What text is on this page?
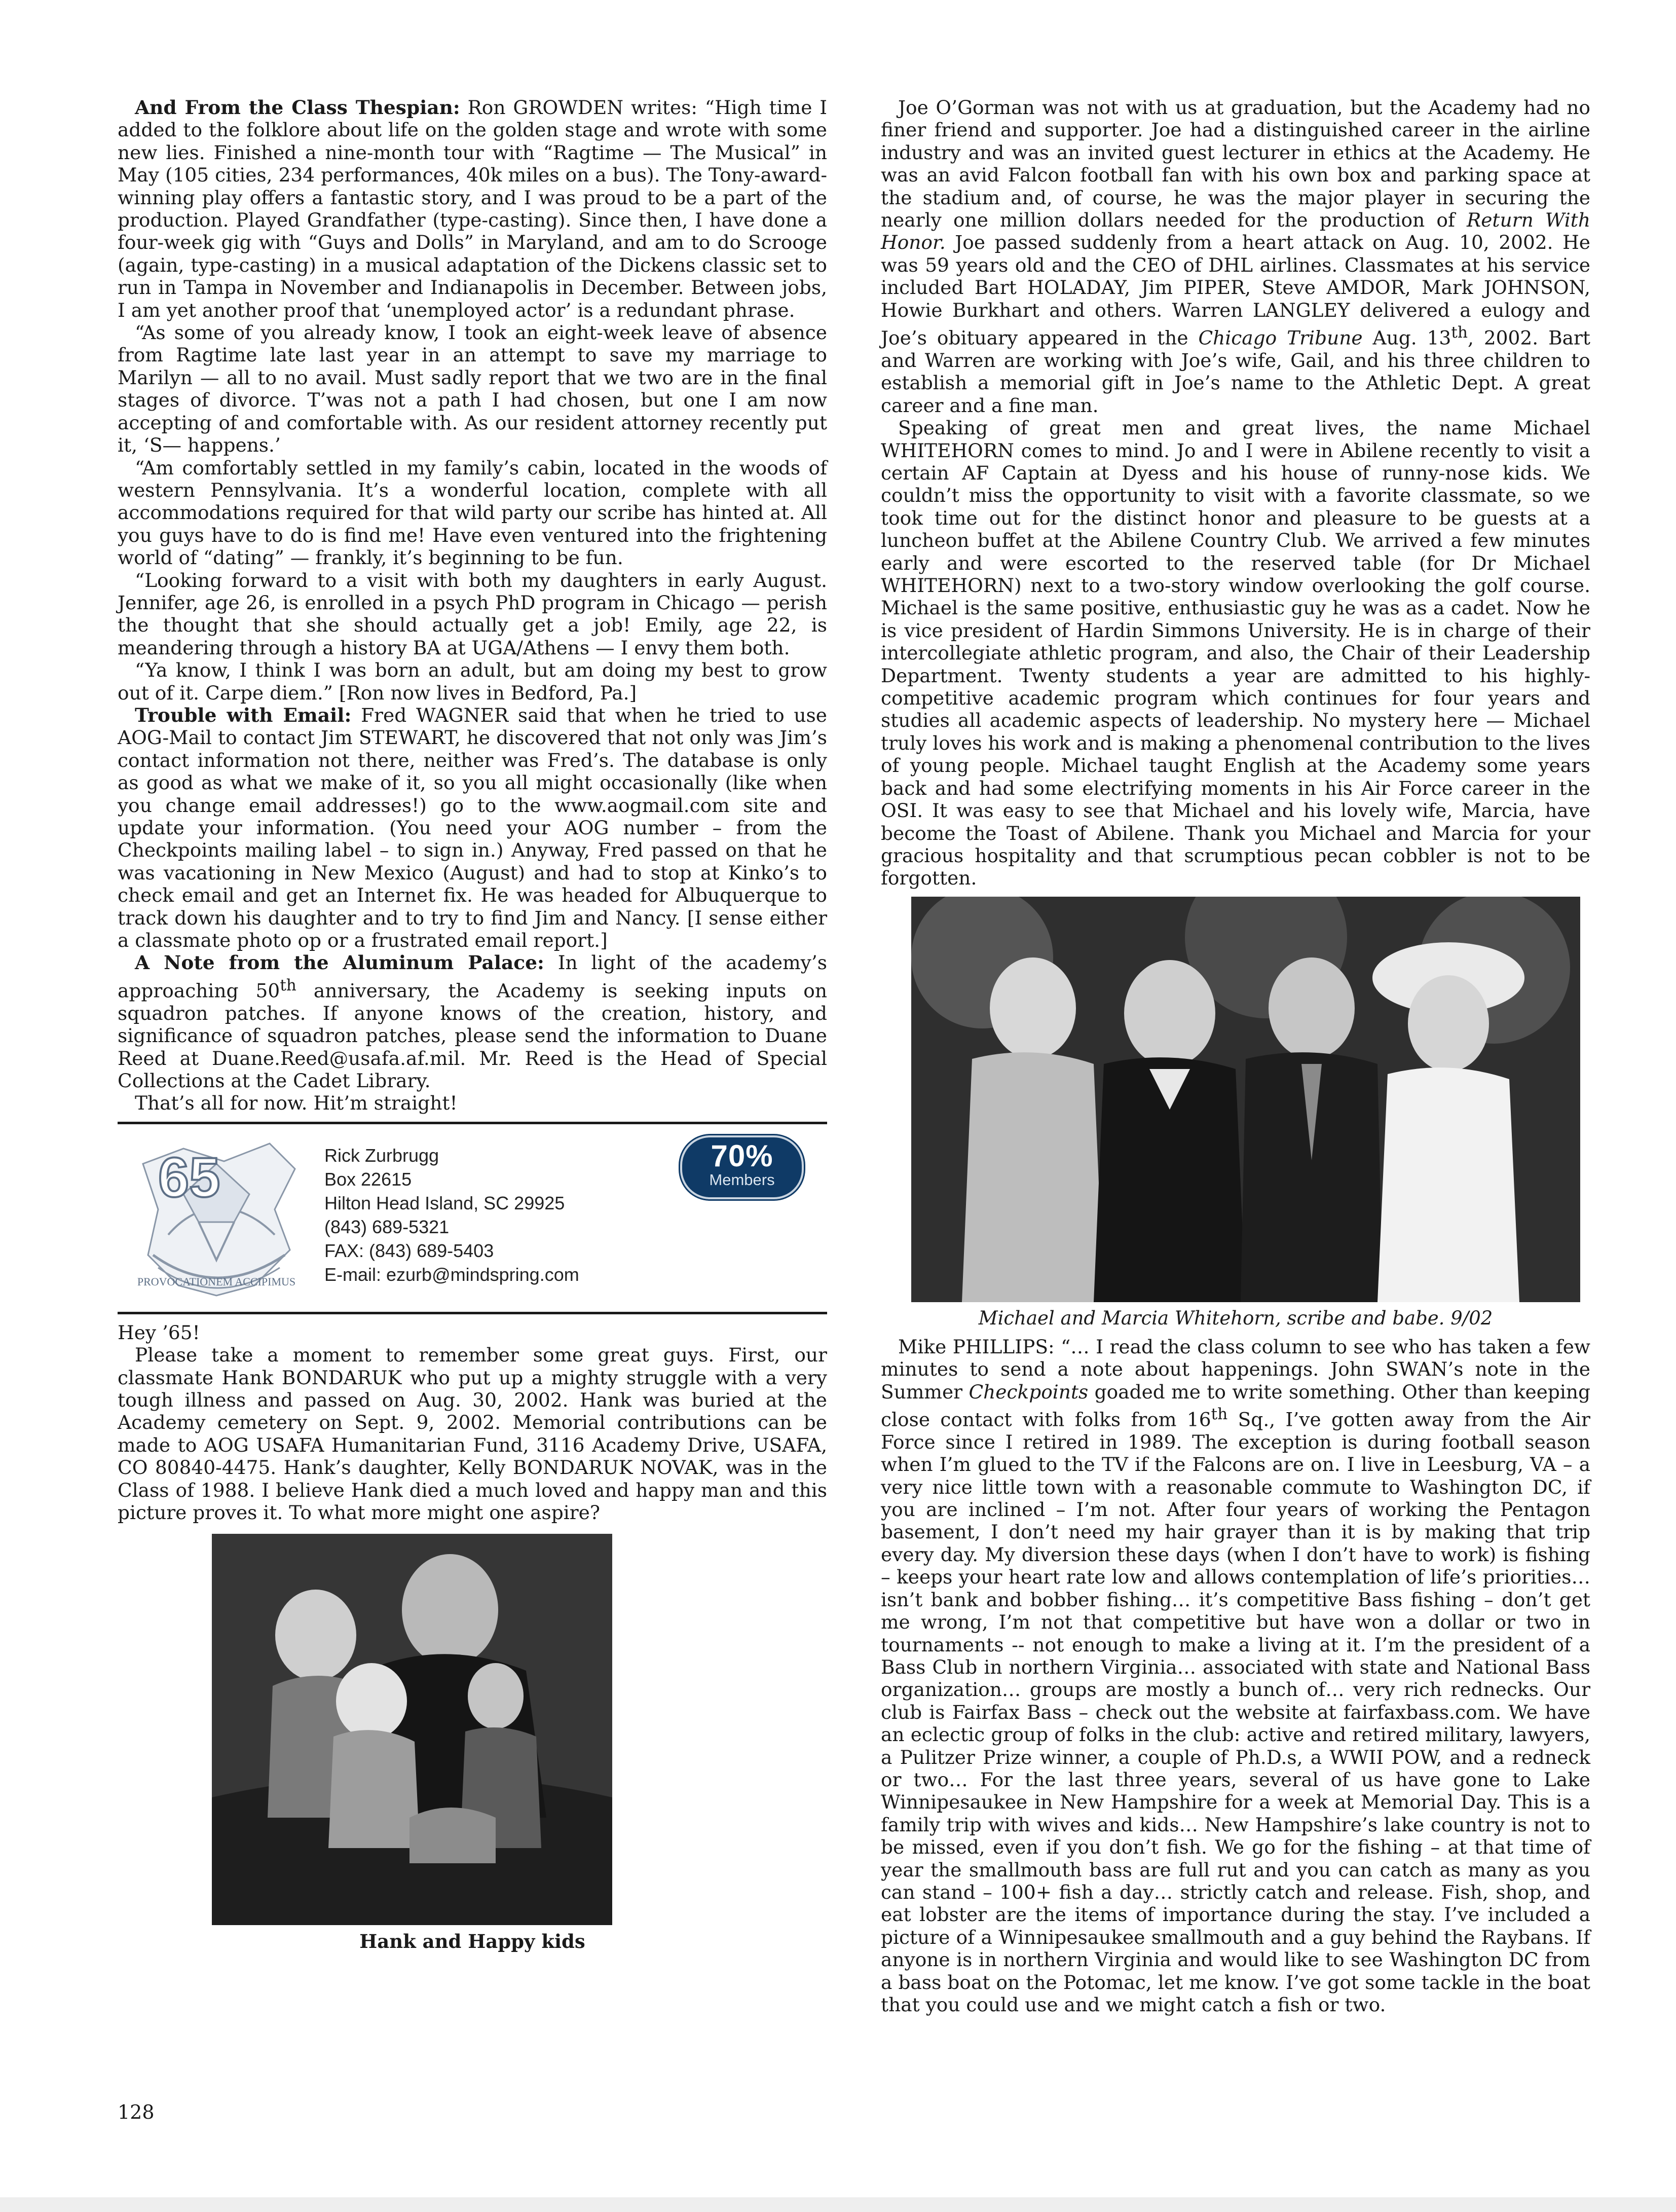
And From the Class Thespian: Ron GROWDEN writes: “High time I added to the folklore about life on the golden stage and wrote with some new lies. Finished a nine-month tour with “Ragtime — The Musical” in May (105 cities, 234 performances, 40k miles on a bus). The Tony-award-winning play offers a fantastic story, and I was proud to be a part of the production. Played Grandfather (type-casting). Since then, I have done a four-week gig with “Guys and Dolls” in Maryland, and am to do Scrooge (again, type-casting) in a musical adaptation of the Dickens classic set to run in Tampa in November and Indianapolis in December. Between jobs, I am yet another proof that ‘unemployed actor’ is a redundant phrase.

“As some of you already know, I took an eight-week leave of absence from Ragtime late last year in an attempt to save my marriage to Marilyn — all to no avail. Must sadly report that we two are in the final stages of divorce. T’was not a path I had chosen, but one I am now accepting of and comfortable with. As our resident attorney recently put it, ‘S— happens.’

“Am comfortably settled in my family’s cabin, located in the woods of western Pennsylvania. It’s a wonderful location, complete with all accommodations required for that wild party our scribe has hinted at. All you guys have to do is find me! Have even ventured into the frightening world of “dating” — frankly, it’s beginning to be fun.

“Looking forward to a visit with both my daughters in early August. Jennifer, age 26, is enrolled in a psych PhD program in Chicago — perish the thought that she should actually get a job! Emily, age 22, is meandering through a history BA at UGA/Athens — I envy them both.

“Ya know, I think I was born an adult, but am doing my best to grow out of it. Carpe diem.” [Ron now lives in Bedford, Pa.]

Trouble with Email: Fred WAGNER said that when he tried to use AOG-Mail to contact Jim STEWART, he discovered that not only was Jim’s contact information not there, neither was Fred’s. The database is only as good as what we make of it, so you all might occasionally (like when you change email addresses!) go to the www.aogmail.com site and update your information. (You need your AOG number – from the Checkpoints mailing label – to sign in.) Anyway, Fred passed on that he was vacationing in New Mexico (August) and had to stop at Kinko’s to check email and get an Internet fix. He was headed for Albuquerque to track down his daughter and to try to find Jim and Nancy. [I sense either a classmate photo op or a frustrated email report.]

A Note from the Aluminum Palace: In light of the academy’s approaching 50th anniversary, the Academy is seeking inputs on squadron patches. If anyone knows of the creation, history, and significance of squadron patches, please send the information to Duane Reed at Duane.Reed@usafa.af.mil. Mr. Reed is the Head of Special Collections at the Cadet Library.

That’s all for now. Hit’m straight!

65
PROVOCATIONEM ACCIPIMUS
Rick Zurbrugg
Box 22615
Hilton Head Island, SC 29925
(843) 689-5321
FAX: (843) 689-5403
E-mail: ezurb@mindspring.com
70%
Members

Hey ’65!

Please take a moment to remember some great guys. First, our classmate Hank BONDARUK who put up a mighty struggle with a very tough illness and passed on Aug. 30, 2002. Hank was buried at the Academy cemetery on Sept. 9, 2002. Memorial contributions can be made to AOG USAFA Humanitarian Fund, 3116 Academy Drive, USAFA, CO 80840-4475. Hank’s daughter, Kelly BONDARUK NOVAK, was in the Class of 1988. I believe Hank died a much loved and happy man and this picture proves it. To what more might one aspire?

Hank and Happy kids

Joe O’Gorman was not with us at graduation, but the Academy had no finer friend and supporter. Joe had a distinguished career in the airline industry and was an invited guest lecturer in ethics at the Academy. He was an avid Falcon football fan with his own box and parking space at the stadium and, of course, he was the major player in securing the nearly one million dollars needed for the production of Return With Honor. Joe passed suddenly from a heart attack on Aug. 10, 2002. He was 59 years old and the CEO of DHL airlines. Classmates at his service included Bart HOLADAY, Jim PIPER, Steve AMDOR, Mark JOHNSON, Howie Burkhart and others. Warren LANGLEY delivered a eulogy and Joe’s obituary appeared in the Chicago Tribune Aug. 13th, 2002. Bart and Warren are working with Joe’s wife, Gail, and his three children to establish a memorial gift in Joe’s name to the Athletic Dept. A great career and a fine man.

Speaking of great men and great lives, the name Michael WHITEHORN comes to mind. Jo and I were in Abilene recently to visit a certain AF Captain at Dyess and his house of runny-nose kids. We couldn’t miss the opportunity to visit with a favorite classmate, so we took time out for the distinct honor and pleasure to be guests at a luncheon buffet at the Abilene Country Club. We arrived a few minutes early and were escorted to the reserved table (for Dr Michael WHITEHORN) next to a two-story window overlooking the golf course. Michael is the same positive, enthusiastic guy he was as a cadet. Now he is vice president of Hardin Simmons University. He is in charge of their intercollegiate athletic program, and also, the Chair of their Leadership Department. Twenty students a year are admitted to his highly-competitive academic program which continues for four years and studies all academic aspects of leadership. No mystery here — Michael truly loves his work and is making a phenomenal contribution to the lives of young people. Michael taught English at the Academy some years back and had some electrifying moments in his Air Force career in the OSI. It was easy to see that Michael and his lovely wife, Marcia, have become the Toast of Abilene. Thank you Michael and Marcia for your gracious hospitality and that scrumptious pecan cobbler is not to be forgotten.

Michael and Marcia Whitehorn, scribe and babe. 9/02

Mike PHILLIPS: “… I read the class column to see who has taken a few minutes to send a note about happenings. John SWAN’s note in the Summer Checkpoints goaded me to write something. Other than keeping close contact with folks from 16th Sq., I’ve gotten away from the Air Force since I retired in 1989. The exception is during football season when I’m glued to the TV if the Falcons are on. I live in Leesburg, VA – a very nice little town with a reasonable commute to Washington DC, if you are inclined – I’m not. After four years of working the Pentagon basement, I don’t need my hair grayer than it is by making that trip every day. My diversion these days (when I don’t have to work) is fishing – keeps your heart rate low and allows contemplation of life’s priorities… isn’t bank and bobber fishing… it’s competitive Bass fishing – don’t get me wrong, I’m not that competitive but have won a dollar or two in tournaments -- not enough to make a living at it. I’m the president of a Bass Club in northern Virginia… associated with state and National Bass organization… groups are mostly a bunch of… very rich rednecks. Our club is Fairfax Bass – check out the website at fairfaxbass.com. We have an eclectic group of folks in the club: active and retired military, lawyers, a Pulitzer Prize winner, a couple of Ph.D.s, a WWII POW, and a redneck or two… For the last three years, several of us have gone to Lake Winnipesaukee in New Hampshire for a week at Memorial Day. This is a family trip with wives and kids… New Hampshire’s lake country is not to be missed, even if you don’t fish. We go for the fishing – at that time of year the smallmouth bass are full rut and you can catch as many as you can stand – 100+ fish a day… strictly catch and release. Fish, shop, and eat lobster are the items of importance during the stay. I’ve included a picture of a Winnipesaukee smallmouth and a guy behind the Raybans. If anyone is in northern Virginia and would like to see Washington DC from a bass boat on the Potomac, let me know. I’ve got some tackle in the boat that you could use and we might catch a fish or two.

128
